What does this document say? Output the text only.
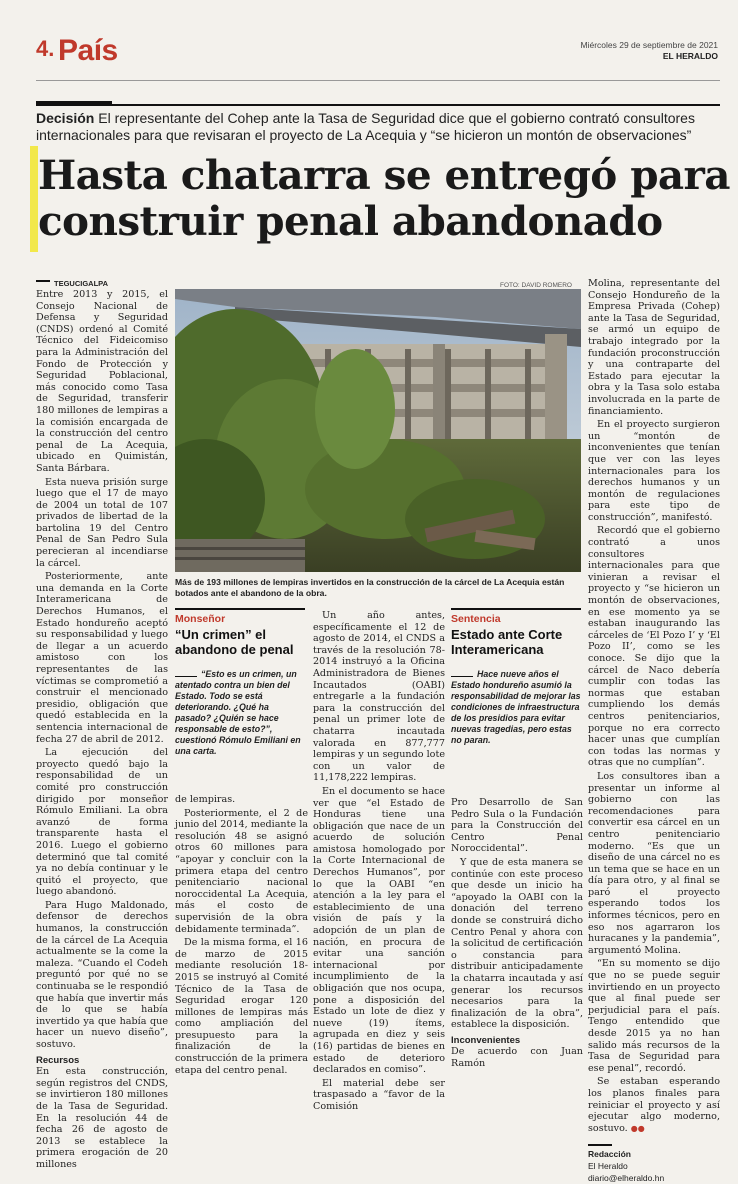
4. País	Miércoles 29 de septiembre de 2021
EL HERALDO
Decisión El representante del Cohep ante la Tasa de Seguridad dice que el gobierno contrató consultores internacionales para que revisaran el proyecto de La Acequia y “se hicieron un montón de observaciones”
Hasta chatarra se entregó para
construir penal abandonado
FOTO: DAVID ROMERO
Más de 193 millones de lempiras invertidos en la construcción de la cárcel de La Acequia están botados ante el abandono de la obra.
TEGUCIGALPA

Entre 2013 y 2015, el Consejo Nacional de Defensa y Seguridad (CNDS) ordenó al Comité Técnico del Fideicomiso para la Administración del Fondo de Protección y Seguridad Poblacional, más conocido como Tasa de Seguridad, transferir 180 millones de lempiras a la comisión encargada de la construcción del centro penal de La Acequia, ubicado en Quimistán, Santa Bárbara.

Esta nueva prisión surge luego que el 17 de mayo de 2004 un total de 107 privados de libertad de la bartolina 19 del Centro Penal de San Pedro Sula perecieran al incendiarse la cárcel.

Posteriormente, ante una demanda en la Corte Interamericana de Derechos Humanos, el Estado hondureño aceptó su responsabilidad y luego de llegar a un acuerdo amistoso con los representantes de las víctimas se comprometió a construir el mencionado presidio, obligación que quedó establecida en la sentencia internacional de fecha 27 de abril de 2012.

La ejecución del proyecto quedó bajo la responsabilidad de un comité pro construcción dirigido por monseñor Rómulo Emiliani. La obra avanzó de forma transparente hasta el 2016. Luego el gobierno determinó que tal comité ya no debía continuar y le quitó el proyecto, que luego abandonó.

Para Hugo Maldonado, defensor de derechos humanos, la construcción de la cárcel de La Acequia actualmente se la come la maleza. “Cuando el Codeh preguntó por qué no se continuaba se le respondió que había que invertir más de lo que se había invertido ya que había que hacer un nuevo diseño”, sostuvo.

Recursos

En esta construcción, según registros del CNDS, se invirtieron 180 millones de la Tasa de Seguridad. En la resolución 44 de fecha 26 de agosto de 2013 se establece la primera erogación de 20 millones

Monseñor
“Un crimen” el abandono de penal
“Esto es un crimen, un atentado contra un bien del Estado. Todo se está deteriorando. ¿Qué ha pasado? ¿Quién se hace responsable de esto?”, cuestionó Rómulo Emiliani en una carta.

de lempiras.

Posteriormente, el 2 de junio del 2014, mediante la resolución 48 se asignó otros 60 millones para “apoyar y concluir con la primera etapa del centro penitenciario nacional noroccidental La Acequia, más el costo de supervisión de la obra debidamente terminada”.

De la misma forma, el 16 de marzo de 2015 mediante resolución 18-2015 se instruyó al Comité Técnico de la Tasa de Seguridad erogar 120 millones de lempiras más como ampliación del presupuesto para la finalización de la construcción de la primera etapa del centro penal.

Un año antes, específicamente el 12 de agosto de 2014, el CNDS a través de la resolución 78-2014 instruyó a la Oficina Administradora de Bienes Incautados (OABI) entregarle a la fundación para la construcción del penal un primer lote de chatarra incautada valorada en 877,777 lempiras y un segundo lote con un valor de 11,178,222 lempiras.

En el documento se hace ver que “el Estado de Honduras tiene una obligación que nace de un acuerdo de solución amistosa homologado por la Corte Internacional de Derechos Humanos”, por lo que la OABI “en atención a la ley para el establecimiento de una visión de país y la adopción de un plan de nación, en procura de evitar una sanción internacional por incumplimiento de la obligación que nos ocupa, pone a disposición del Estado un lote de diez y nueve (19) ítems, agrupada en diez y seis (16) partidas de bienes en estado de deterioro declarados en comiso”.

El material debe ser traspasado a “favor de la Comisión

Sentencia
Estado ante Corte Interamericana
Hace nueve años el Estado hondureño asumió la responsabilidad de mejorar las condiciones de infraestructura de los presidios para evitar nuevas tragedias, pero estas no paran.

Pro Desarrollo de San Pedro Sula o la Fundación para la Construcción del Centro Penal Noroccidental”.

Y que de esta manera se continúe con este proceso que desde un inicio ha “apoyado la OABI con la donación del terreno donde se construirá dicho Centro Penal y ahora con la solicitud de certificación o constancia para distribuir anticipadamente la chatarra incautada y así generar los recursos necesarios para la finalización de la obra”, establece la disposición.

Inconvenientes

De acuerdo con Juan Ramón

Molina, representante del Consejo Hondureño de la Empresa Privada (Cohep) ante la Tasa de Seguridad, se armó un equipo de trabajo integrado por la fundación proconstrucción y una contraparte del Estado para ejecutar la obra y la Tasa solo estaba involucrada en la parte de financiamiento.

En el proyecto surgieron un “montón de inconvenientes que tenían que ver con las leyes internacionales para los derechos humanos y un montón de regulaciones para este tipo de construcción”, manifestó.

Recordó que el gobierno contrató a unos consultores internacionales para que vinieran a revisar el proyecto y “se hicieron un montón de observaciones, en ese momento ya se estaban inaugurando las cárceles de ‘El Pozo I’ y ‘El Pozo II’, como se les conoce. Se dijo que la cárcel de Naco debería cumplir con todas las normas que estaban cumpliendo los demás centros penitenciarios, porque no era correcto hacer unas que cumplían con todas las normas y otras que no cumplían”.

Los consultores iban a presentar un informe al gobierno con las recomendaciones para convertir esa cárcel en un centro penitenciario moderno. “Es que un diseño de una cárcel no es un tema que se hace en un día para otro, y al final se paró el proyecto esperando todos los informes técnicos, pero en eso nos agarraron los huracanes y la pandemia”, argumentó Molina.

“En su momento se dijo que no se puede seguir invirtiendo en un proyecto que al final puede ser perjudicial para el país. Tengo entendido que desde 2015 ya no han salido más recursos de la Tasa de Seguridad para ese penal”, recordó.

Se estaban esperando los planos finales para reiniciar el proyecto y así ejecutar algo moderno, sostuvo. ●●

Redacción
El Heraldo
diario@elheraldo.hn
